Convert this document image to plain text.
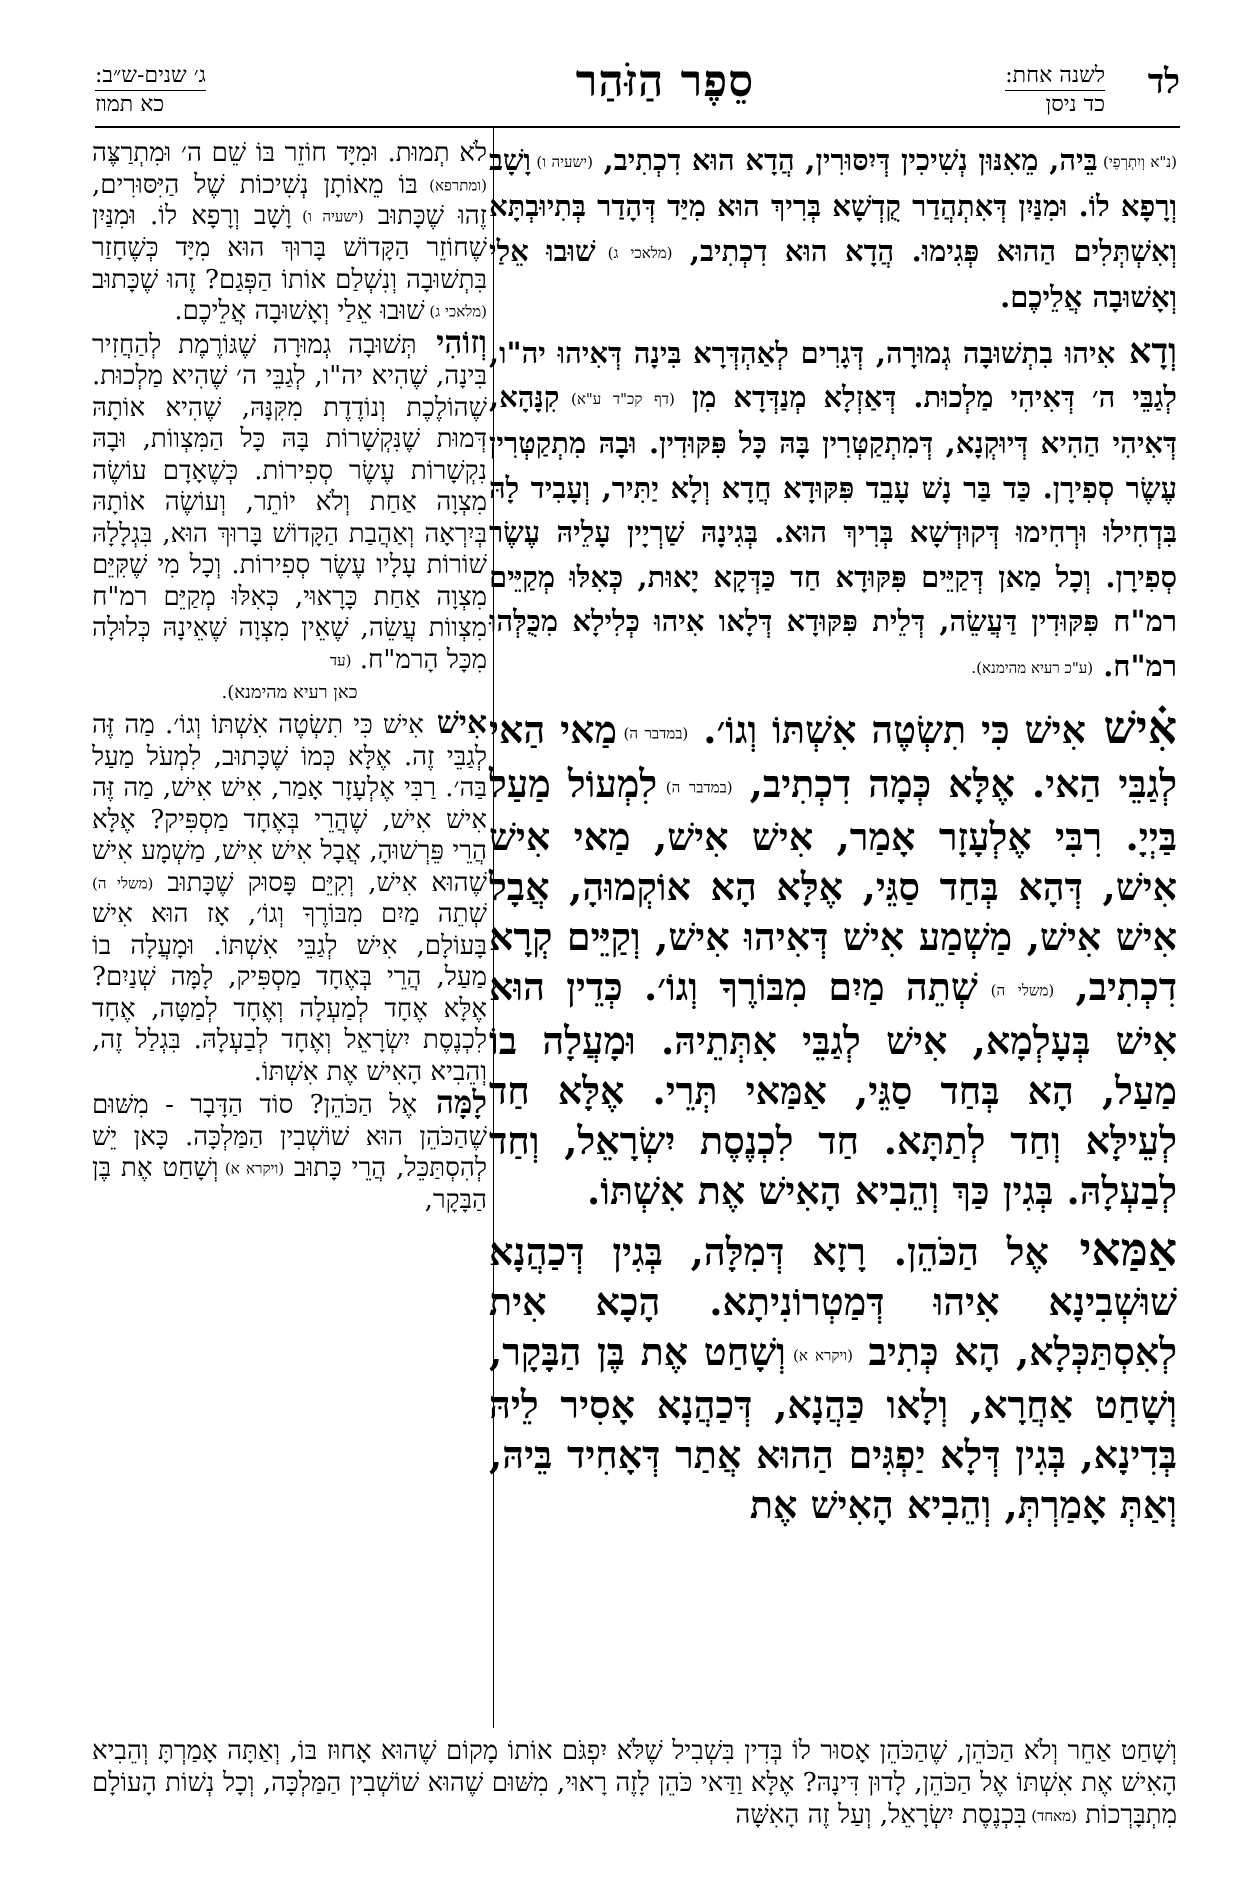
לד
לשנה אחת:
כד ניסן
סֵפֶר הַזֹּהַר
ג׳ שנים-ש״ב:
כא תמוז

(נ"א וְיִתְרְפֵי) בֵּיה, מֵאִנּוּן נְשִׁיכִין דְּיִסּוּרִין, הֲדָא הוּא דִכְתִיב, (ישעיה ו) וָשָׁב וְרָפָא לוֹ. וּמִנַּיִן דְּאִתְהֲדַר קֻדְשָׁא בְּרִיךְ הוּא מִיַּד דְּהָדַר בְּתִיוּבְתָּא וְאִשְׁתְּלִים הַהוּא פְּגִימוּ. הֲדָא הוּא דִכְתִיב, (מלאכי ג) שׁוּבוּ אֵלַי וְאָשׁוּבָה אֲלֵיכֶם.

וְדָא אִיהוּ בִתְשׁוּבָה גְמוּרָה, דְּגָרִים לְאַהְדְּרָא בִּינָה דְּאִיהוּ יה"ו, לְגַבֵּי ה׳ דְּאִיהִי מַלְכוּת. דְּאַזְלָא מְנַדְּדָא מִן (דף קכ"ד ע"א) קִנָּהָא, דְּאִיהִי הַהִיא דְּיוּקְנָא, דְּמִתְקַטְּרִין בָּהּ כָּל פִּקּוּדִין. וּבָהּ מִתְקַטְּרִין עֶשֶׂר סְפִירָן. כַּד בַּר נָשׁ עָבֵד פִּקּוּדָא חֲדָא וְלָא יַתִּיר, וְעָבִיד לָהּ בִּדְחִילוּ וּרְחִימוּ דְּקוּדְשָׁא בְּרִיךְ הוּא. בְּגִינָהּ שַׁרְיָין עָלֵיהּ עֶשֶׂר סְפִירָן. וְכָל מַאן דְּקַיֵּים פִּקּוּדָא חַד כַּדְּקָא יָאוּת, כְּאִלּוּ מְקַיֵּים רמ"ח פִּקּוּדִין דַּעֲשֵׂה, דְּלֵית פִּקּוּדָא דְּלָאו אִיהוּ כְּלִילָא מִכֻּלְּהוּ רמ"ח. (ע"כ רעיא מהימנא).

אִ֗ישׁ אִישׁ כִּי תִשְׂטֶה אִשְׁתּוֹ וְגוֹ׳. (במדבר ה) מַאי הַאי לְגַבֵּי הַאי. אֶלָּא כְּמָה דִכְתִיב, (במדבר ה) לִמְעוֹל מַעַל בַּיְיָ. רִבִּי אֶלְעָזָר אָמַר, אִישׁ אִישׁ, מַאי אִישׁ אִישׁ, דְּהָא בְּחַד סַגֵּי, אֶלָּא הָא אוֹקְמוּהָ, אֲבָל אִישׁ אִישׁ, מַשְׁמַע אִישׁ דְּאִיהוּ אִישׁ, וְקַיֵּים קְרָא דִכְתִיב, (משלי ה) שְׁתֵה מַיִם מִבּוֹרֶךָ וְגוֹ׳. כְּדֵין הוּא אִישׁ בְּעָלְמָא, אִישׁ לְגַבֵּי אִתְּתֵיהּ. וּמָעֲלָה בוֹ מַעַל, הָא בְּחַד סַגֵּי, אַמַּאי תְּרֵי. אֶלָּא חַד לְעֵילָּא וְחַד לְתַתָּא. חַד לִכְנֶסֶת יִשְׂרָאֵל, וְחַד לְבַעְלָהּ. בְּגִין כַּךְ וְהֵבִיא הָאִישׁ אֶת אִשְׁתּוֹ.

אַמַּאי אֶל הַכֹּהֵן. רָזָא דְּמִלָּה, בְּגִין דְּכַהֲנָא שׁוּשְׁבִינָא אִיהוּ דְּמַטְרוֹנִיתָא. הָכָא אִית לְאִסְתַּכְּלָא, הָא כְּתִיב (ויקרא א) וְשָׁחַט אֶת בֶּן הַבָּקָר, וְשָׁחַט אַחֲרָא, וְלָאו כַּהֲנָא, דְּכַהֲנָא אָסִיר לֵיהּ בְּדִינָא, בְּגִין דְּלָא יַפְגִּים הַהוּא אֲתַר דְּאָחִיד בֵּיהּ, וְאַתְּ אָמַרְתְּ, וְהֵבִיא הָאִישׁ אֶת

לֹא תְמוּת. וּמִיָּד חוֹזֵר בּוֹ שֵׁם ה׳ וּמִתְרַצֶּה (ומתרפא) בּוֹ מֵאוֹתָן נְשִׁיכוֹת שֶׁל הַיִּסּוּרִים, זֶהוּ שֶׁכָּתוּב (ישעיה ו) וָשָׁב וְרָפָא לוֹ. וּמִנַּיִן שֶׁחוֹזֵר הַקָּדוֹשׁ בָּרוּךְ הוּא מִיָּד כְּשֶׁחָזַר בִּתְשׁוּבָה וְנִשְׁלַם אוֹתוֹ הַפְּגַם? זֶהוּ שֶׁכָּתוּב (מלאכי ג) שׁוּבוּ אֵלַי וְאָשׁוּבָה אֲלֵיכֶם.

וְזוֹהִי תְּשׁוּבָה גְמוּרָה שֶׁגּוֹרֶמֶת לְהַחֲזִיר בִּינָה, שֶׁהִיא יה"ו, לְגַבֵּי ה׳ שֶׁהִיא מַלְכוּת. שֶׁהוֹלֶכֶת וְנוֹדֶדֶת מִקִּנָּהּ, שֶׁהִיא אוֹתָהּ דְּמוּת שֶׁנִּקְשָׁרוֹת בָּהּ כָּל הַמִּצְווֹת, וּבָהּ נִקְשָׁרוֹת עֶשֶׂר סְפִירוֹת. כְּשֶׁאָדָם עוֹשֶׂה מִצְוָה אַחַת וְלֹא יוֹתֵר, וְעוֹשֶׂה אוֹתָהּ בְּיִרְאָה וְאַהֲבַת הַקָּדוֹשׁ בָּרוּךְ הוּא, בִּגְלָלָהּ שׁוֹרוֹת עָלָיו עֶשֶׂר סְפִירוֹת. וְכָל מִי שֶׁקִּיֵּם מִצְוָה אַחַת כָּרָאוּי, כְּאִלּוּ מְקַיֵּם רמ"ח מִצְווֹת עֲשֵׂה, שֶׁאֵין מִצְוָה שֶׁאֵינָהּ כְּלוּלָה מִכָּל הָרמ"ח. (עד

כאן רעיא מהימנא).

אִישׁ אִישׁ כִּי תִשְׂטֶה אִשְׁתּוֹ וְגוֹ׳. מַה זֶּה לְגַבֵּי זֶה. אֶלָּא כְּמוֹ שֶׁכָּתוּב, לִמְעֹל מַעַל בַּה׳. רַבִּי אֶלְעָזָר אָמַר, אִישׁ אִישׁ, מַה זֶּה אִישׁ אִישׁ, שֶׁהֲרֵי בְּאֶחָד מַסְפִּיק? אֶלָּא הֲרֵי פֵּרְשׁוּהָ, אֲבָל אִישׁ אִישׁ, מַשְׁמָע אִישׁ שֶׁהוּא אִישׁ, וְקִיֵּם פָּסוּק שֶׁכָּתוּב (משלי ה) שְׁתֵה מַיִם מִבּוֹרֶךָ וְגוֹ׳, אָז הוּא אִישׁ בָּעוֹלָם, אִישׁ לְגַבֵּי אִשְׁתּוֹ. וּמָעֲלָה בוֹ מַעַל, הֲרֵי בְּאֶחָד מַסְפִּיק, לָמָּה שְׁנַיִם? אֶלָּא אֶחָד לְמַעְלָה וְאֶחָד לְמַטָּה, אֶחָד לִכְנֶסֶת יִשְׂרָאֵל וְאֶחָד לְבַעְלָהּ. בִּגְלַל זֶה, וְהֵבִיא הָאִישׁ אֶת אִשְׁתּוֹ.

לָמָּה אֶל הַכֹּהֵן? סוֹד הַדָּבָר - מִשּׁוּם שֶׁהַכֹּהֵן הוּא שׁוֹשְׁבִין הַמַּלְכָּה. כָּאן יֵשׁ לְהִסְתַּכֵּל, הֲרֵי כָּתוּב (ויקרא א) וְשָׁחַט אֶת בֶּן הַבָּקָר,

וְשָׁחַט אַחֵר וְלֹא הַכֹּהֵן, שֶׁהַכֹּהֵן אָסוּר לוֹ בְּדִין בִּשְׁבִיל שֶׁלֹּא יִפְגֹּם אוֹתוֹ מָקוֹם שֶׁהוּא אָחוּז בּוֹ, וְאַתָּה אָמַרְתָּ וְהֵבִיא הָאִישׁ אֶת אִשְׁתּוֹ אֶל הַכֹּהֵן, לָדוּן דִּינָהּ? אֶלָּא וַדַּאי כֹּהֵן לָזֶה רָאוּי, מִשּׁוּם שֶׁהוּא שׁוֹשְׁבִין הַמַּלְכָּה, וְכָל נְשׁוֹת הָעוֹלָם מִתְבָּרְכוֹת (מאחד) בִּכְנֶסֶת יִשְׂרָאֵל, וְעַל זֶה הָאִשָּׁה
